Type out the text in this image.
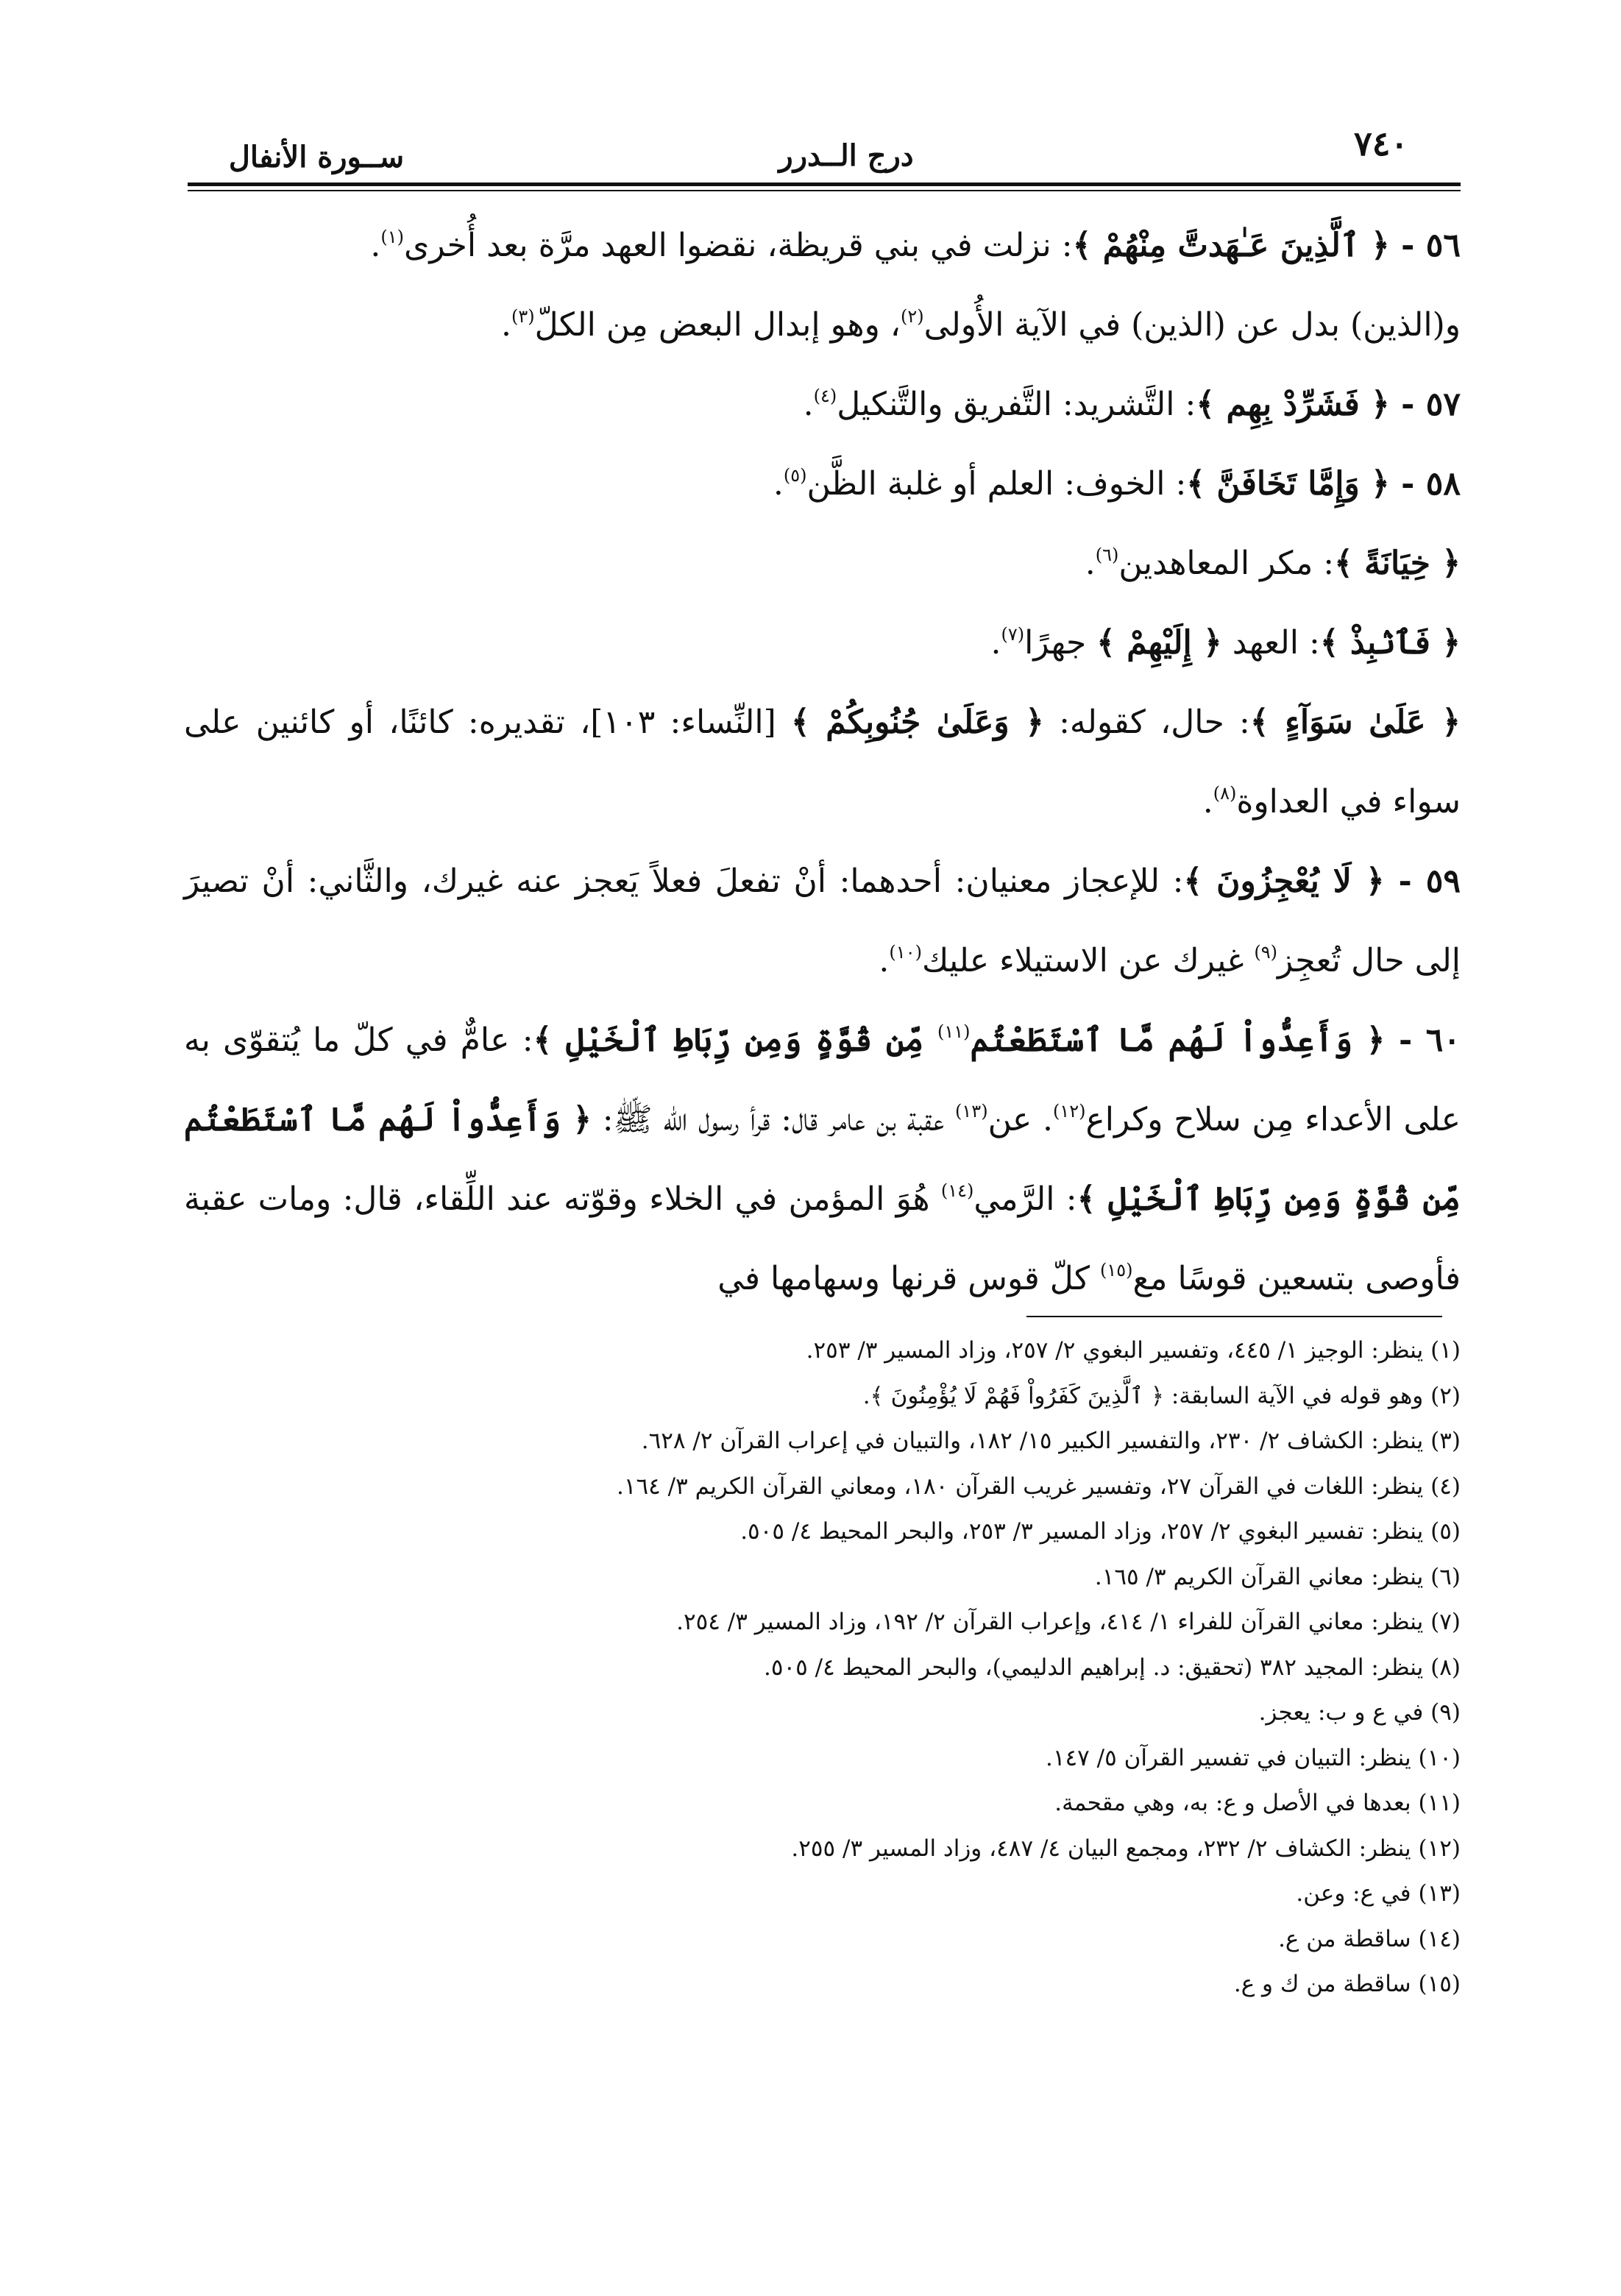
٧٤٠
درج الــدرر
ســورة الأنفال

٥٦ - ﴿ ٱلَّذِينَ عَـٰهَدتَّ مِنْهُمْ ﴾: نزلت في بني قريظة، نقضوا العهد مرَّة بعد أُخرى$^{(١)}$.
و(الذين) بدل عن (الذين) في الآية الأُولى$^{(٢)}$، وهو إبدال البعض مِن الكلّ$^{(٣)}$.

٥٧ - ﴿ فَشَرِّدْ بِهِم ﴾: التَّشريد: التَّفريق والتَّنكيل$^{(٤)}$.

٥٨ - ﴿ وَإِمَّا تَخَافَنَّ ﴾: الخوف: العلم أو غلبة الظَّن$^{(٥)}$.

﴿ خِيَانَةً ﴾: مكر المعاهدين$^{(٦)}$.

﴿ فَٱنۢبِذْ ﴾: العهد ﴿ إِلَيْهِمْ ﴾ جهرًا$^{(٧)}$.

﴿ عَلَىٰ سَوَآءٍ ﴾: حال، كقوله: ﴿ وَعَلَىٰ جُنُوبِكُمْ ﴾ [النِّساء: ١٠٣]، تقديره: كائنًا، أو كائنين على سواء في العداوة$^{(٨)}$.

٥٩ - ﴿ لَا يُعْجِزُونَ ﴾: للإعجاز معنيان: أحدهما: أنْ تفعلَ فعلاً يَعجز عنه غيرك، والثَّاني: أنْ تصيرَ إلى حال تُعجِز$^{(٩)}$ غيرك عن الاستيلاء عليك$^{(١٠)}$.

٦٠ - ﴿ وَأَعِدُّواْ لَهُم مَّا ٱسْتَطَعْتُم$^{(١١)}$ مِّن قُوَّةٍ وَمِن رِّبَاطِ ٱلْخَيْلِ ﴾: عامٌّ في كلّ ما يُتقوّى به على الأعداء مِن سلاح وكراع$^{(١٢)}$. عن$^{(١٣)}$ عقبة بن عامر قال: قرأ رسول الله ﷺ: ﴿ وَأَعِدُّواْ لَهُم مَّا ٱسْتَطَعْتُم مِّن قُوَّةٍ وَمِن رِّبَاطِ ٱلْخَيْلِ ﴾: الرَّمي$^{(١٤)}$ هُوَ المؤمن في الخلاء وقوّته عند اللِّقاء، قال: ومات عقبة فأوصى بتسعين قوسًا مع$^{(١٥)}$ كلّ قوس قرنها وسهامها في

(١) ينظر: الوجيز ١/ ٤٤٥، وتفسير البغوي ٢/ ٢٥٧، وزاد المسير ٣/ ٢٥٣.
(٢) وهو قوله في الآية السابقة: ﴿ ٱلَّذِينَ كَفَرُواْ فَهُمْ لَا يُؤْمِنُونَ ﴾.
(٣) ينظر: الكشاف ٢/ ٢٣٠، والتفسير الكبير ١٥/ ١٨٢، والتبيان في إعراب القرآن ٢/ ٦٢٨.
(٤) ينظر: اللغات في القرآن ٢٧، وتفسير غريب القرآن ١٨٠، ومعاني القرآن الكريم ٣/ ١٦٤.
(٥) ينظر: تفسير البغوي ٢/ ٢٥٧، وزاد المسير ٣/ ٢٥٣، والبحر المحيط ٤/ ٥٠٥.
(٦) ينظر: معاني القرآن الكريم ٣/ ١٦٥.
(٧) ينظر: معاني القرآن للفراء ١/ ٤١٤، وإعراب القرآن ٢/ ١٩٢، وزاد المسير ٣/ ٢٥٤.
(٨) ينظر: المجيد ٣٨٢ (تحقيق: د. إبراهيم الدليمي)، والبحر المحيط ٤/ ٥٠٥.
(٩) في ع و ب: يعجز.
(١٠) ينظر: التبيان في تفسير القرآن ٥/ ١٤٧.
(١١) بعدها في الأصل و ع: به، وهي مقحمة.
(١٢) ينظر: الكشاف ٢/ ٢٣٢، ومجمع البيان ٤/ ٤٨٧، وزاد المسير ٣/ ٢٥٥.
(١٣) في ع: وعن.
(١٤) ساقطة من ع.
(١٥) ساقطة من ك و ع.
